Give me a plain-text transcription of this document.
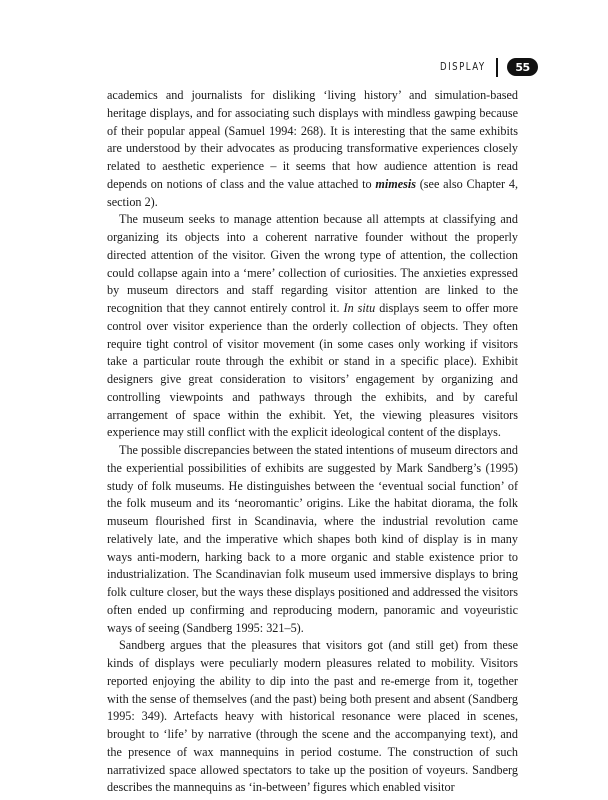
DISPLAY	55

academics and journalists for disliking ‘living history’ and simulation-based heritage displays, and for associating such displays with mindless gawping because of their popular appeal (Samuel 1994: 268). It is interesting that the same exhibits are understood by their advocates as producing transformative experiences closely related to aesthetic experience – it seems that how audience attention is read depends on notions of class and the value attached to mimesis (see also Chapter 4, section 2).

The museum seeks to manage attention because all attempts at classifying and organizing its objects into a coherent narrative founder without the properly directed attention of the visitor. Given the wrong type of attention, the collection could collapse again into a ‘mere’ collection of curiosities. The anxieties expressed by museum directors and staff regarding visitor attention are linked to the recognition that they cannot entirely control it. In situ displays seem to offer more control over visitor experience than the orderly collection of objects. They often require tight control of visitor movement (in some cases only working if visitors take a particular route through the exhibit or stand in a specific place). Exhibit designers give great consideration to visitors’ engagement by organizing and controlling viewpoints and pathways through the exhibits, and by careful arrangement of space within the exhibit. Yet, the viewing pleasures visitors experience may still conflict with the explicit ideological content of the displays.

The possible discrepancies between the stated intentions of museum directors and the experiential possibilities of exhibits are suggested by Mark Sandberg’s (1995) study of folk museums. He distinguishes between the ‘eventual social function’ of the folk museum and its ‘neoromantic’ origins. Like the habitat diorama, the folk museum flourished first in Scandinavia, where the industrial revolution came relatively late, and the imperative which shapes both kind of display is in many ways anti-modern, harking back to a more organic and stable existence prior to industrialization. The Scandinavian folk museum used immersive displays to bring folk culture closer, but the ways these displays positioned and addressed the visitors often ended up confirming and reproducing modern, panoramic and voyeuristic ways of seeing (Sandberg 1995: 321–5).

Sandberg argues that the pleasures that visitors got (and still get) from these kinds of displays were peculiarly modern pleasures related to mobility. Visitors reported enjoying the ability to dip into the past and re-emerge from it, together with the sense of themselves (and the past) being both present and absent (Sandberg 1995: 349). Artefacts heavy with historical resonance were placed in scenes, brought to ‘life’ by narrative (through the scene and the accompanying text), and the presence of wax mannequins in period costume. The construction of such narrativized space allowed spectators to take up the position of voyeurs. Sandberg describes the mannequins as ‘in-between’ figures which enabled visitor
